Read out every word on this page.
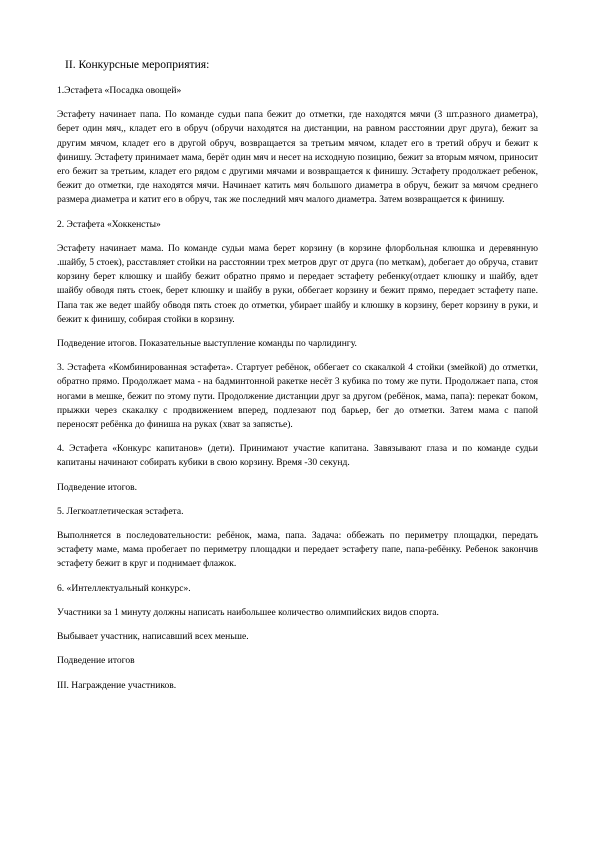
II. Конкурсные мероприятия:

1.Эстафета «Посадка овощей»

Эстафету начинает папа. По команде судьи папа бежит до отметки, где находятся мячи (3 шт.разного диаметра), берет один мяч,, кладет его в обруч (обручи находятся на дистанции, на равном расстоянии друг друга), бежит за другим мячом, кладет его в другой обруч, возвращается за третьим мячом, кладет его в третий обруч и бежит к финишу. Эстафету принимает мама, берёт один мяч и несет на исходную позицию, бежит за вторым мячом, приносит его бежит за третьим, кладет его рядом с другими мячами и возвращается к финишу. Эстафету продолжает ребенок, бежит до отметки, где находятся мячи. Начинает катить мяч большого диаметра в обруч, бежит за мячом среднего размера диаметра и катит его в обруч, так же последний мяч малого диаметра. Затем возвращается к финишу.

2. Эстафета «Хоккенсты»

Эстафету начинает мама. По команде судьи мама берет корзину (в корзине флорбольная клюшка и деревянную .шайбу, 5 стоек), расставляет стойки на расстоянии трех метров друг от друга (по меткам), добегает до обруча, ставит корзину берет клюшку и шайбу бежит обратно прямо и передает эстафету ребенку(отдает клюшку и шайбу, вдет шайбу обводя пять стоек, берет клюшку и шайбу в руки, оббегает корзину и бежит прямо, передает эстафету папе. Папа так же ведет шайбу обводя пять стоек до отметки, убирает шайбу и клюшку в корзину, берет корзину в руки, и бежит к финишу, собирая стойки в корзину.

Подведение итогов. Показательные выступление команды по чарлидингу.

3. Эстафета «Комбинированная эстафета». Стартует ребёнок, оббегает со скакалкой 4 стойки (змейкой) до отметки, обратно прямо. Продолжает мама - на бадминтонной ракетке несёт 3 кубика по тому же пути. Продолжает папа, стоя ногами в мешке, бежит по этому пути. Продолжение дистанции друг за другом (ребёнок, мама, папа): перекат боком, прыжки через скакалку с продвижением вперед, подлезают под барьер, бег до отметки. Затем мама с папой переносят ребёнка до финиша на руках (хват за запястье).

4. Эстафета «Конкурс капитанов» (дети). Принимают участие капитана. Завязывают глаза и по команде судьи капитаны начинают собирать кубики в свою корзину. Время -30 секунд.

Подведение итогов.

5. Легкоатлетическая эстафета.

Выполняется в последовательности: ребёнок, мама, папа. Задача: оббежать по периметру площадки, передать эстафету маме, мама пробегает по периметру площадки и передает эстафету папе, папа-ребёнку. Ребенок закончив эстафету бежит в круг и поднимает флажок.

6. «Интеллектуальный конкурс».

Участники за 1 минуту должны написать наибольшее количество олимпийских видов спорта.

Выбывает участник, написавший всех меньше.

Подведение итогов

III. Награждение участников.
